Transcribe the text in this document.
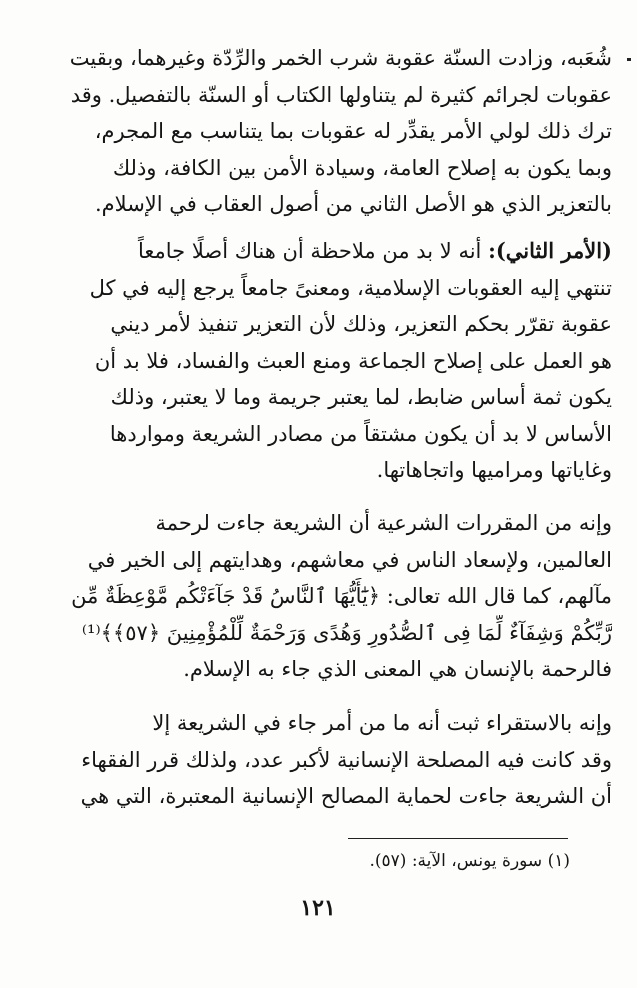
شُعَبه، وزادت السنّة عقوبة شرب الخمر والرِّدّة وغيرهما، وبقيت
عقوبات لجرائم كثيرة لم يتناولها الكتاب أو السنّة بالتفصيل. وقد
ترك ذلك لولي الأمر يقدِّر له عقوبات بما يتناسب مع المجرم،
وبما يكون به إصلاح العامة، وسيادة الأمن بين الكافة، وذلك
بالتعزير الذي هو الأصل الثاني من أصول العقاب في الإسلام.
(الأمر الثاني): أنه لا بد من ملاحظة أن هناك أصلًا جامعاً
تنتهي إليه العقوبات الإسلامية، ومعنىً جامعاً يرجع إليه في كل
عقوبة تقرّر بحكم التعزير، وذلك لأن التعزير تنفيذ لأمر ديني
هو العمل على إصلاح الجماعة ومنع العبث والفساد، فلا بد أن
يكون ثمة أساس ضابط، لما يعتبر جريمة وما لا يعتبر، وذلك
الأساس لا بد أن يكون مشتقاً من مصادر الشريعة ومواردها
وغاياتها ومراميها واتجاهاتها.
وإنه من المقررات الشرعية أن الشريعة جاءت لرحمة
العالمين، ولإسعاد الناس في معاشهم، وهدايتهم إلى الخير في
مآلهم، كما قال الله تعالى: ﴿يَٰٓأَيُّهَا ٱلنَّاسُ قَدْ جَآءَتْكُم مَّوْعِظَةٌ مِّن
رَّبِّكُمْ وَشِفَآءٌ لِّمَا فِى ٱلصُّدُورِ وَهُدًى وَرَحْمَةٌ لِّلْمُؤْمِنِينَ ﴿٥٧﴾﴾⁽¹⁾
فالرحمة بالإنسان هي المعنى الذي جاء به الإسلام.
وإنه بالاستقراء ثبت أنه ما من أمر جاء في الشريعة إلا
وقد كانت فيه المصلحة الإنسانية لأكبر عدد، ولذلك قرر الفقهاء
أن الشريعة جاءت لحماية المصالح الإنسانية المعتبرة، التي هي
(١) سورة يونس، الآية: (٥٧).
١٢١
